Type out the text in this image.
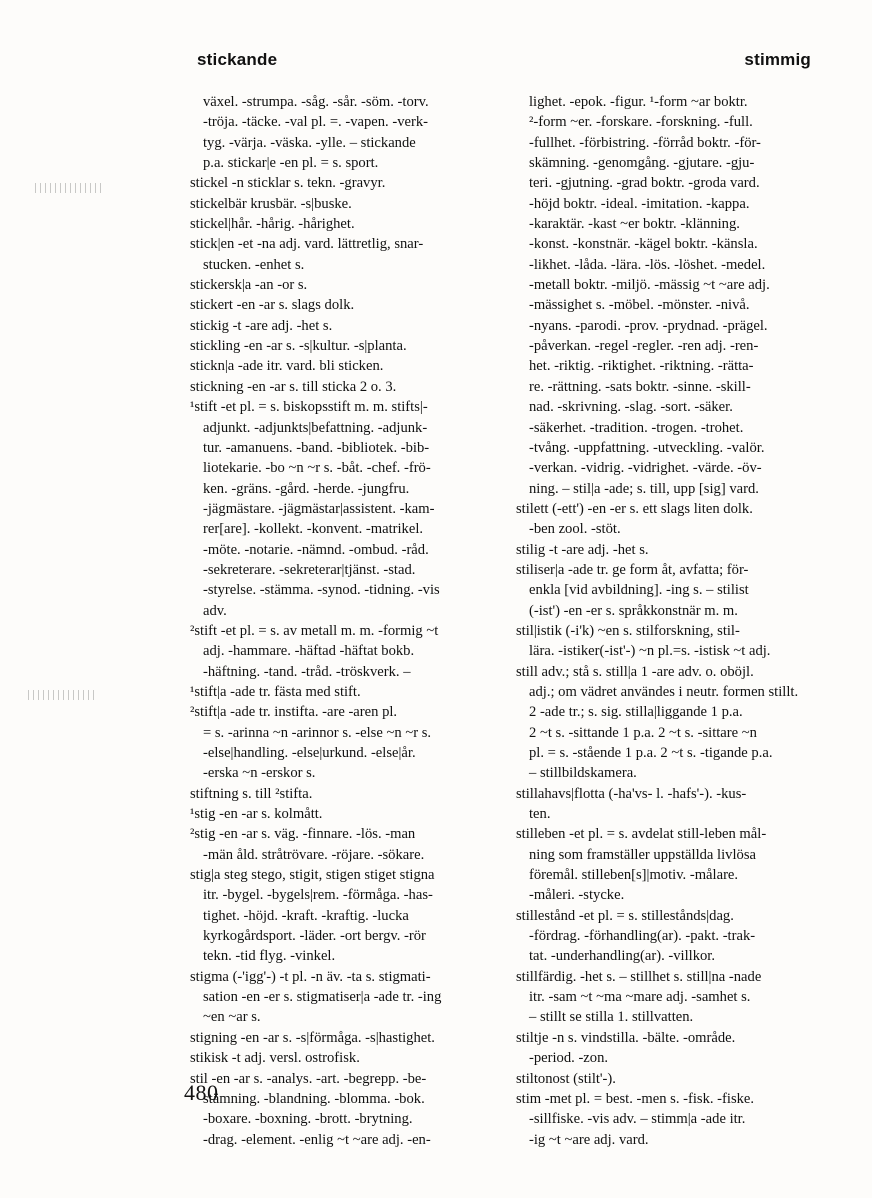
stickande	stimmig
växel. -strumpa. -såg. -sår. -söm. -torv.
-tröja. -täcke. -val pl. =. -vapen. -verk-
tyg. -värja. -väska. -ylle. – stickande
p.a. stickar|e -en pl. = s. sport.
stickel -n sticklar s. tekn. -gravyr.
stickelbär krusbär. -s|buske.
stickel|hår. -hårig. -hårighet.
stick|en -et -na adj. vard. lättretlig, snar-
stucken. -enhet s.
stickersk|a -an -or s.
stickert -en -ar s. slags dolk.
stickig -t -are adj. -het s.
stickling -en -ar s. -s|kultur. -s|planta.
stickn|a -ade itr. vard. bli sticken.
stickning -en -ar s. till sticka 2 o. 3.
¹stift -et pl. = s. biskopsstift m. m. stifts|-
adjunkt. -adjunkts|befattning. -adjunk-
tur. -amanuens. -band. -bibliotek. -bib-
liotekarie. -bo ~n ~r s. -båt. -chef. -frö-
ken. -gräns. -gård. -herde. -jungfru.
-jägmästare. -jägmästar|assistent. -kam-
rer[are]. -kollekt. -konvent. -matrikel.
-möte. -notarie. -nämnd. -ombud. -råd.
-sekreterare. -sekreterar|tjänst. -stad.
-styrelse. -stämma. -synod. -tidning. -vis
adv.
²stift -et pl. = s. av metall m. m. -formig ~t
adj. -hammare. -häftad -häftat bokb.
-häftning. -tand. -tråd. -tröskverk. –
¹stift|a -ade tr. fästa med stift.
²stift|a -ade tr. instifta. -are -aren pl.
= s. -arinna ~n -arinnor s. -else ~n ~r s.
-else|handling. -else|urkund. -else|år.
-erska ~n -erskor s.
stiftning s. till ²stifta.
¹stig -en -ar s. kolmått.
²stig -en -ar s. väg. -finnare. -lös. -man
-män åld. stråtrövare. -röjare. -sökare.
stig|a steg stego, stigit, stigen stiget stigna
itr. -bygel. -bygels|rem. -förmåga. -has-
tighet. -höjd. -kraft. -kraftig. -lucka
kyrkogårdsport. -läder. -ort bergv. -rör
tekn. -tid flyg. -vinkel.
stigma (-'igg'-) -t pl. -n äv. -ta s. stigmati-
sation -en -er s. stigmatiser|a -ade tr. -ing
~en ~ar s.
stigning -en -ar s. -s|förmåga. -s|hastighet.
stikisk -t adj. versl. ostrofisk.
stil -en -ar s. -analys. -art. -begrepp. -be-
stämning. -blandning. -blomma. -bok.
-boxare. -boxning. -brott. -brytning.
-drag. -element. -enlig ~t ~are adj. -en-
lighet. -epok. -figur. ¹-form ~ar boktr.
²-form ~er. -forskare. -forskning. -full.
-fullhet. -förbistring. -förråd boktr. -för-
skämning. -genomgång. -gjutare. -gju-
teri. -gjutning. -grad boktr. -groda vard.
-höjd boktr. -ideal. -imitation. -kappa.
-karaktär. -kast ~er boktr. -klänning.
-konst. -konstnär. -kägel boktr. -känsla.
-likhet. -låda. -lära. -lös. -löshet. -medel.
-metall boktr. -miljö. -mässig ~t ~are adj.
-mässighet s. -möbel. -mönster. -nivå.
-nyans. -parodi. -prov. -prydnad. -prägel.
-påverkan. -regel -regler. -ren adj. -ren-
het. -riktig. -riktighet. -riktning. -rätta-
re. -rättning. -sats boktr. -sinne. -skill-
nad. -skrivning. -slag. -sort. -säker.
-säkerhet. -tradition. -trogen. -trohet.
-tvång. -uppfattning. -utveckling. -valör.
-verkan. -vidrig. -vidrighet. -värde. -öv-
ning. – stil|a -ade; s. till, upp [sig] vard.
stilett (-ett') -en -er s. ett slags liten dolk.
-ben zool. -stöt.
stilig -t -are adj. -het s.
stiliser|a -ade tr. ge form åt, avfatta; för-
enkla [vid avbildning]. -ing s. – stilist
(-ist') -en -er s. språkkonstnär m. m.
stil|istik (-i'k) ~en s. stilforskning, stil-
lära. -istiker(-ist'-) ~n pl.=s. -istisk ~t adj.
still adv.; stå s. still|a 1 -are adv. o. oböjl.
adj.; om vädret användes i neutr. formen stillt.
2 -ade tr.; s. sig. stilla|liggande 1 p.a.
2 ~t s. -sittande 1 p.a. 2 ~t s. -sittare ~n
pl. = s. -stående 1 p.a. 2 ~t s. -tigande p.a.
– stillbildskamera.
stillahavs|flotta (-ha'vs- l. -hafs'-). -kus-
ten.
stilleben -et pl. = s. avdelat still-leben mål-
ning som framställer uppställda livlösa
föremål. stilleben[s]|motiv. -målare.
-måleri. -stycke.
stillestånd -et pl. = s. stillestånds|dag.
-fördrag. -förhandling(ar). -pakt. -trak-
tat. -underhandling(ar). -villkor.
stillfärdig. -het s. – stillhet s. still|na -nade
itr. -sam ~t ~ma ~mare adj. -samhet s.
– stillt se stilla 1. stillvatten.
stiltje -n s. vindstilla. -bälte. -område.
-period. -zon.
stiltonost (stilt'-).
stim -met pl. = best. -men s. -fisk. -fiske.
-sillfiske. -vis adv. – stimm|a -ade itr.
-ig ~t ~are adj. vard.
480
